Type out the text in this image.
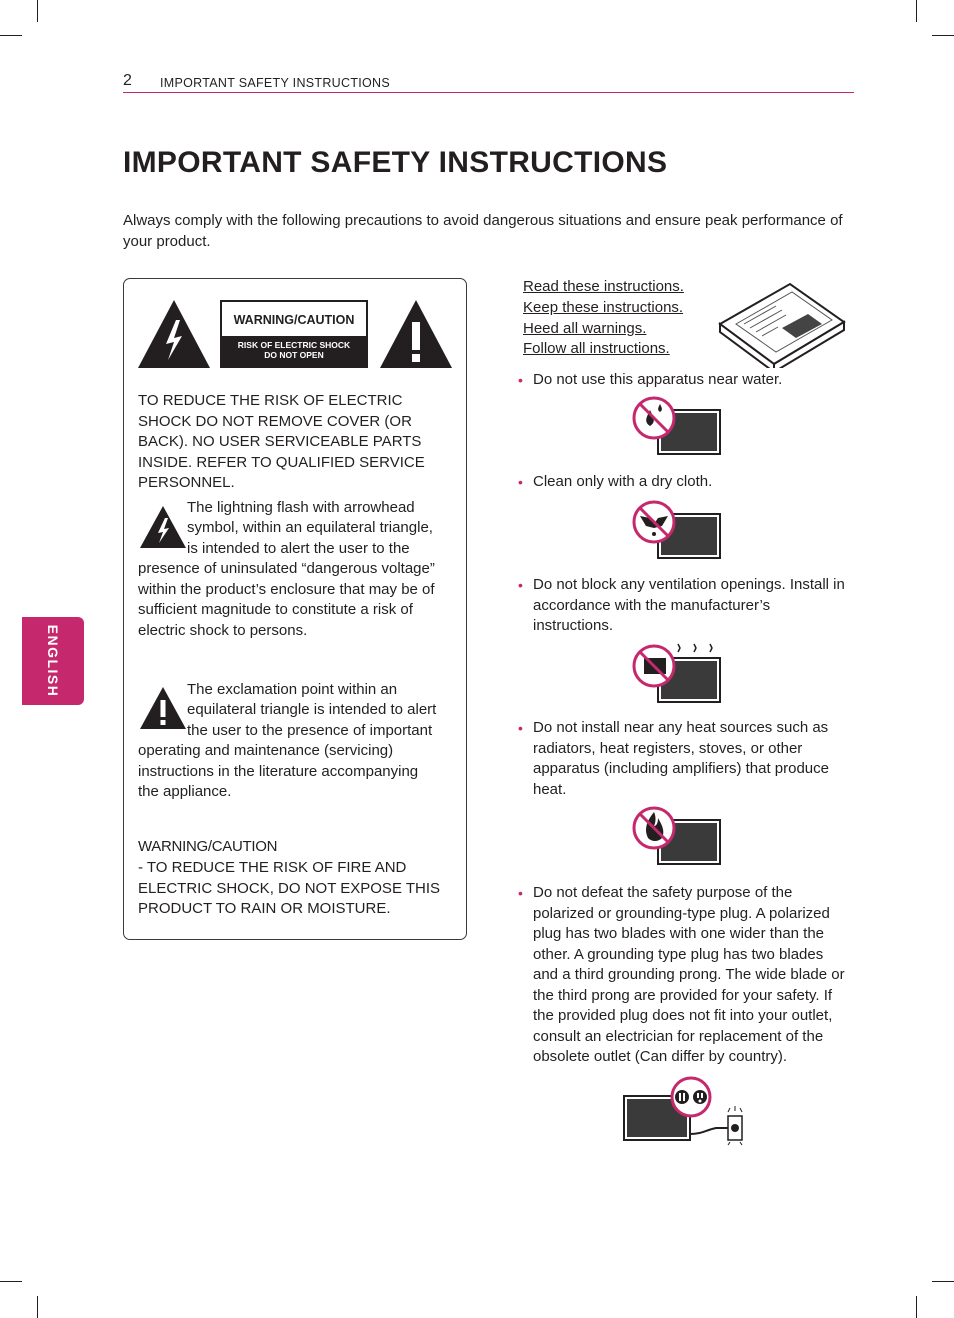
2 IMPORTANT SAFETY INSTRUCTIONS
ENGLISH
IMPORTANT SAFETY INSTRUCTIONS

Always comply with the following precautions to avoid dangerous situations and ensure peak performance of your product.

WARNING/CAUTION
RISK OF ELECTRIC SHOCK
DO NOT OPEN

TO REDUCE THE RISK OF ELECTRIC SHOCK DO NOT REMOVE COVER (OR BACK). NO USER SERVICEABLE PARTS INSIDE. REFER TO QUALIFIED SERVICE PERSONNEL.

The lightning flash with arrowhead

symbol, within an equilateral triangle,

is intended to alert the user to the

presence of uninsulated “dangerous voltage” within the product’s enclosure that may be of sufficient magnitude to constitute a risk of electric shock to persons.

The exclamation point within an

equilateral triangle is intended to alert

the user to the presence of important

operating and maintenance (servicing) instructions in the literature accompanying the appliance.

WARNING/CAUTION

- TO REDUCE THE RISK OF FIRE AND ELECTRIC SHOCK, DO NOT EXPOSE THIS PRODUCT TO RAIN OR MOISTURE.

Read these instructions.

Keep these instructions.

Heed all warnings.

Follow all instructions.

• Do not use this apparatus near water.

• Clean only with a dry cloth.

• Do not block any ventilation openings. Install in accordance with the manufacturer’s instructions.

• Do not install near any heat sources such as radiators, heat registers, stoves, or other apparatus (including amplifiers) that produce heat.

• Do not defeat the safety purpose of the polarized or grounding-type plug. A polarized plug has two blades with one wider than the other. A grounding type plug has two blades and a third grounding prong. The wide blade or the third prong are provided for your safety. If the provided plug does not fit into your outlet, consult an electrician for replacement of the obsolete outlet (Can differ by country).
